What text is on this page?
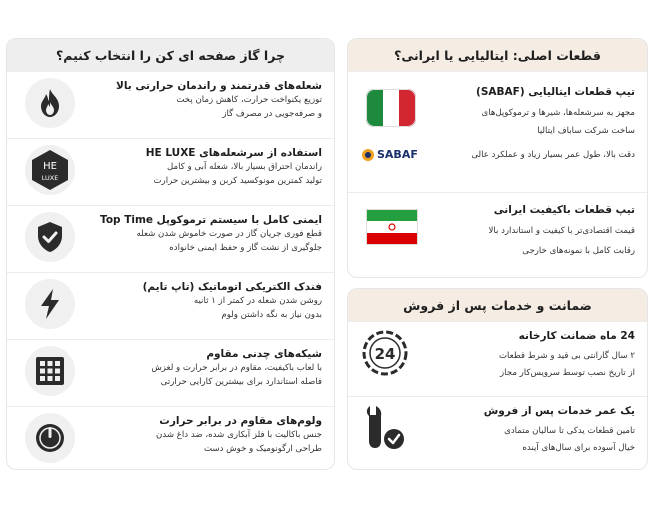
چرا گاز صفحه ای کن را انتخاب کنیم؟
شعله‌های قدرتمند و راندمان حرارتی بالا
توزیع یکنواخت حرارت، کاهش زمان پخت
و صرفه‌جویی در مصرف گاز
HE
LUXE
استفاده از سرشعله‌های HE LUXE
راندمان احتراق بسیار بالا، شعله آبی و کامل
تولید کمترین مونوکسید کربن و بیشترین حرارت
ایمنی کامل با سیستم ترموکوپل Top Time
قطع فوری جریان گاز در صورت خاموش شدن شعله
جلوگیری از نشت گاز و حفظ ایمنی خانواده
فندک الکتریکی اتوماتیک (تاپ تایم)
روشن شدن شعله در کمتر از ۱ ثانیه
بدون نیاز به نگه داشتن ولوم
شیکه‌های چدنی مقاوم
با لعاب باکیفیت، مقاوم در برابر حرارت و لغزش
فاصله استاندارد برای بیشترین کارایی حرارتی
ولوم‌های مقاوم در برابر حرارت
جنس باکالیت با فلز آبکاری شده، ضد داغ شدن
طراحی ارگونومیک و خوش دست
قطعات اصلی: ایتالیایی یا ایرانی؟
SABAF
تیپ قطعات ایتالیایی (SABAF)
مجهز به سرشعله‌ها، شیرها و ترموکوپل‌های
ساخت شرکت ساباف ایتالیا
دقت بالا، طول عمر بسیار زیاد و عملکرد عالی
تیپ قطعات باکیفیت ایرانی
قیمت اقتصادی‌تر با کیفیت و استاندارد بالا
رقابت کامل با نمونه‌های خارجی
ضمانت و خدمات پس از فروش
24
24 ماه ضمانت کارخانه
۲ سال گارانتی بی قید و شرط قطعات
از تاریخ نصب توسط سرویس‌کار مجاز
یک عمر خدمات پس از فروش
تامین قطعات یدکی تا سالیان متمادی
خیال آسوده برای سال‌های آینده
